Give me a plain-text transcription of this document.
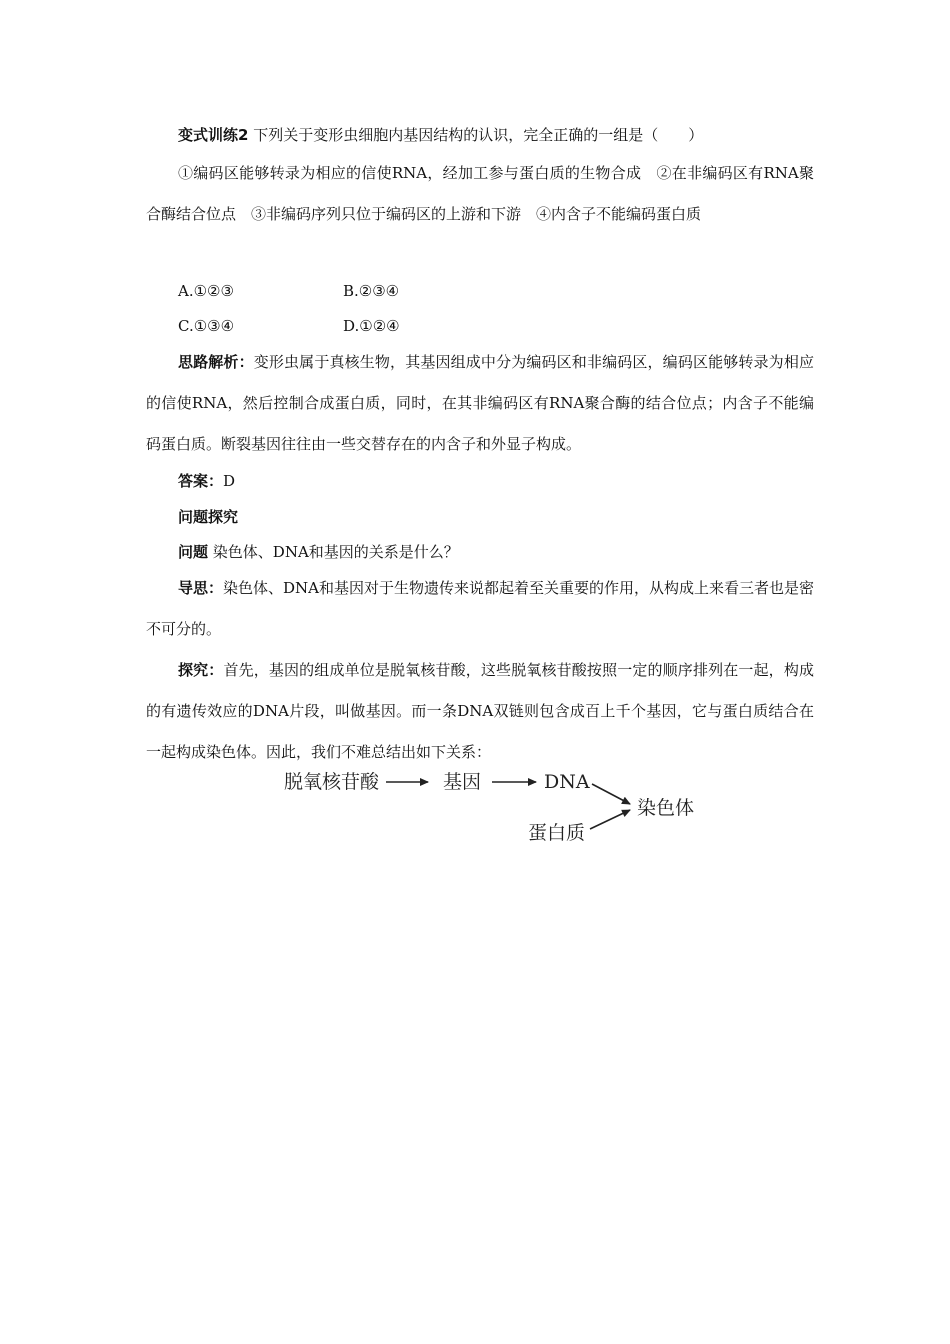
变式训练2 下列关于变形虫细胞内基因结构的认识，完全正确的一组是（　　）

①编码区能够转录为相应的信使RNA，经加工参与蛋白质的生物合成　②在非编码区有RNA聚合酶结合位点　③非编码序列只位于编码区的上游和下游　④内含子不能编码蛋白质

A.①②③	B.②③④
C.①③④	D.①②④

思路解析：变形虫属于真核生物，其基因组成中分为编码区和非编码区，编码区能够转录为相应的信使RNA，然后控制合成蛋白质，同时，在其非编码区有RNA聚合酶的结合位点；内含子不能编码蛋白质。断裂基因往往由一些交替存在的内含子和外显子构成。

答案：D
问题探究
问题 染色体、DNA和基因的关系是什么？

导思：染色体、DNA和基因对于生物遗传来说都起着至关重要的作用，从构成上来看三者也是密不可分的。

探究：首先，基因的组成单位是脱氧核苷酸，这些脱氧核苷酸按照一定的顺序排列在一起，构成的有遗传效应的DNA片段，叫做基因。而一条DNA双链则包含成百上千个基因，它与蛋白质结合在一起构成染色体。因此，我们不难总结出如下关系：

脱氧核苷酸	基因	DNA
蛋白质
染色体
